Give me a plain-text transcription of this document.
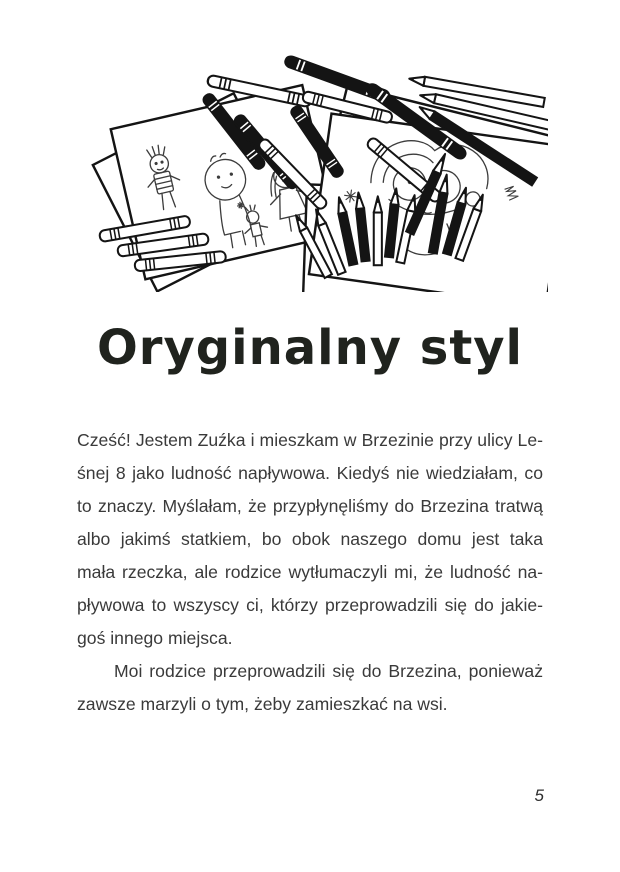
Oryginalny styl
Cześć! Jestem Zuźka i mieszkam w Brzezinie przy ulicy Le-
śnej 8 jako ludność napływowa. Kiedyś nie wiedziałam, co
to znaczy. Myślałam, że przypłynęliśmy do Brzezina tratwą
albo jakimś statkiem, bo obok naszego domu jest taka
mała rzeczka, ale rodzice wytłumaczyli mi, że ludność na-
pływowa to wszyscy ci, którzy przeprowadzili się do jakie-
goś innego miejsca.
Moi rodzice przeprowadzili się do Brzezina, ponieważ
zawsze marzyli o tym, żeby zamieszkać na wsi.
5
